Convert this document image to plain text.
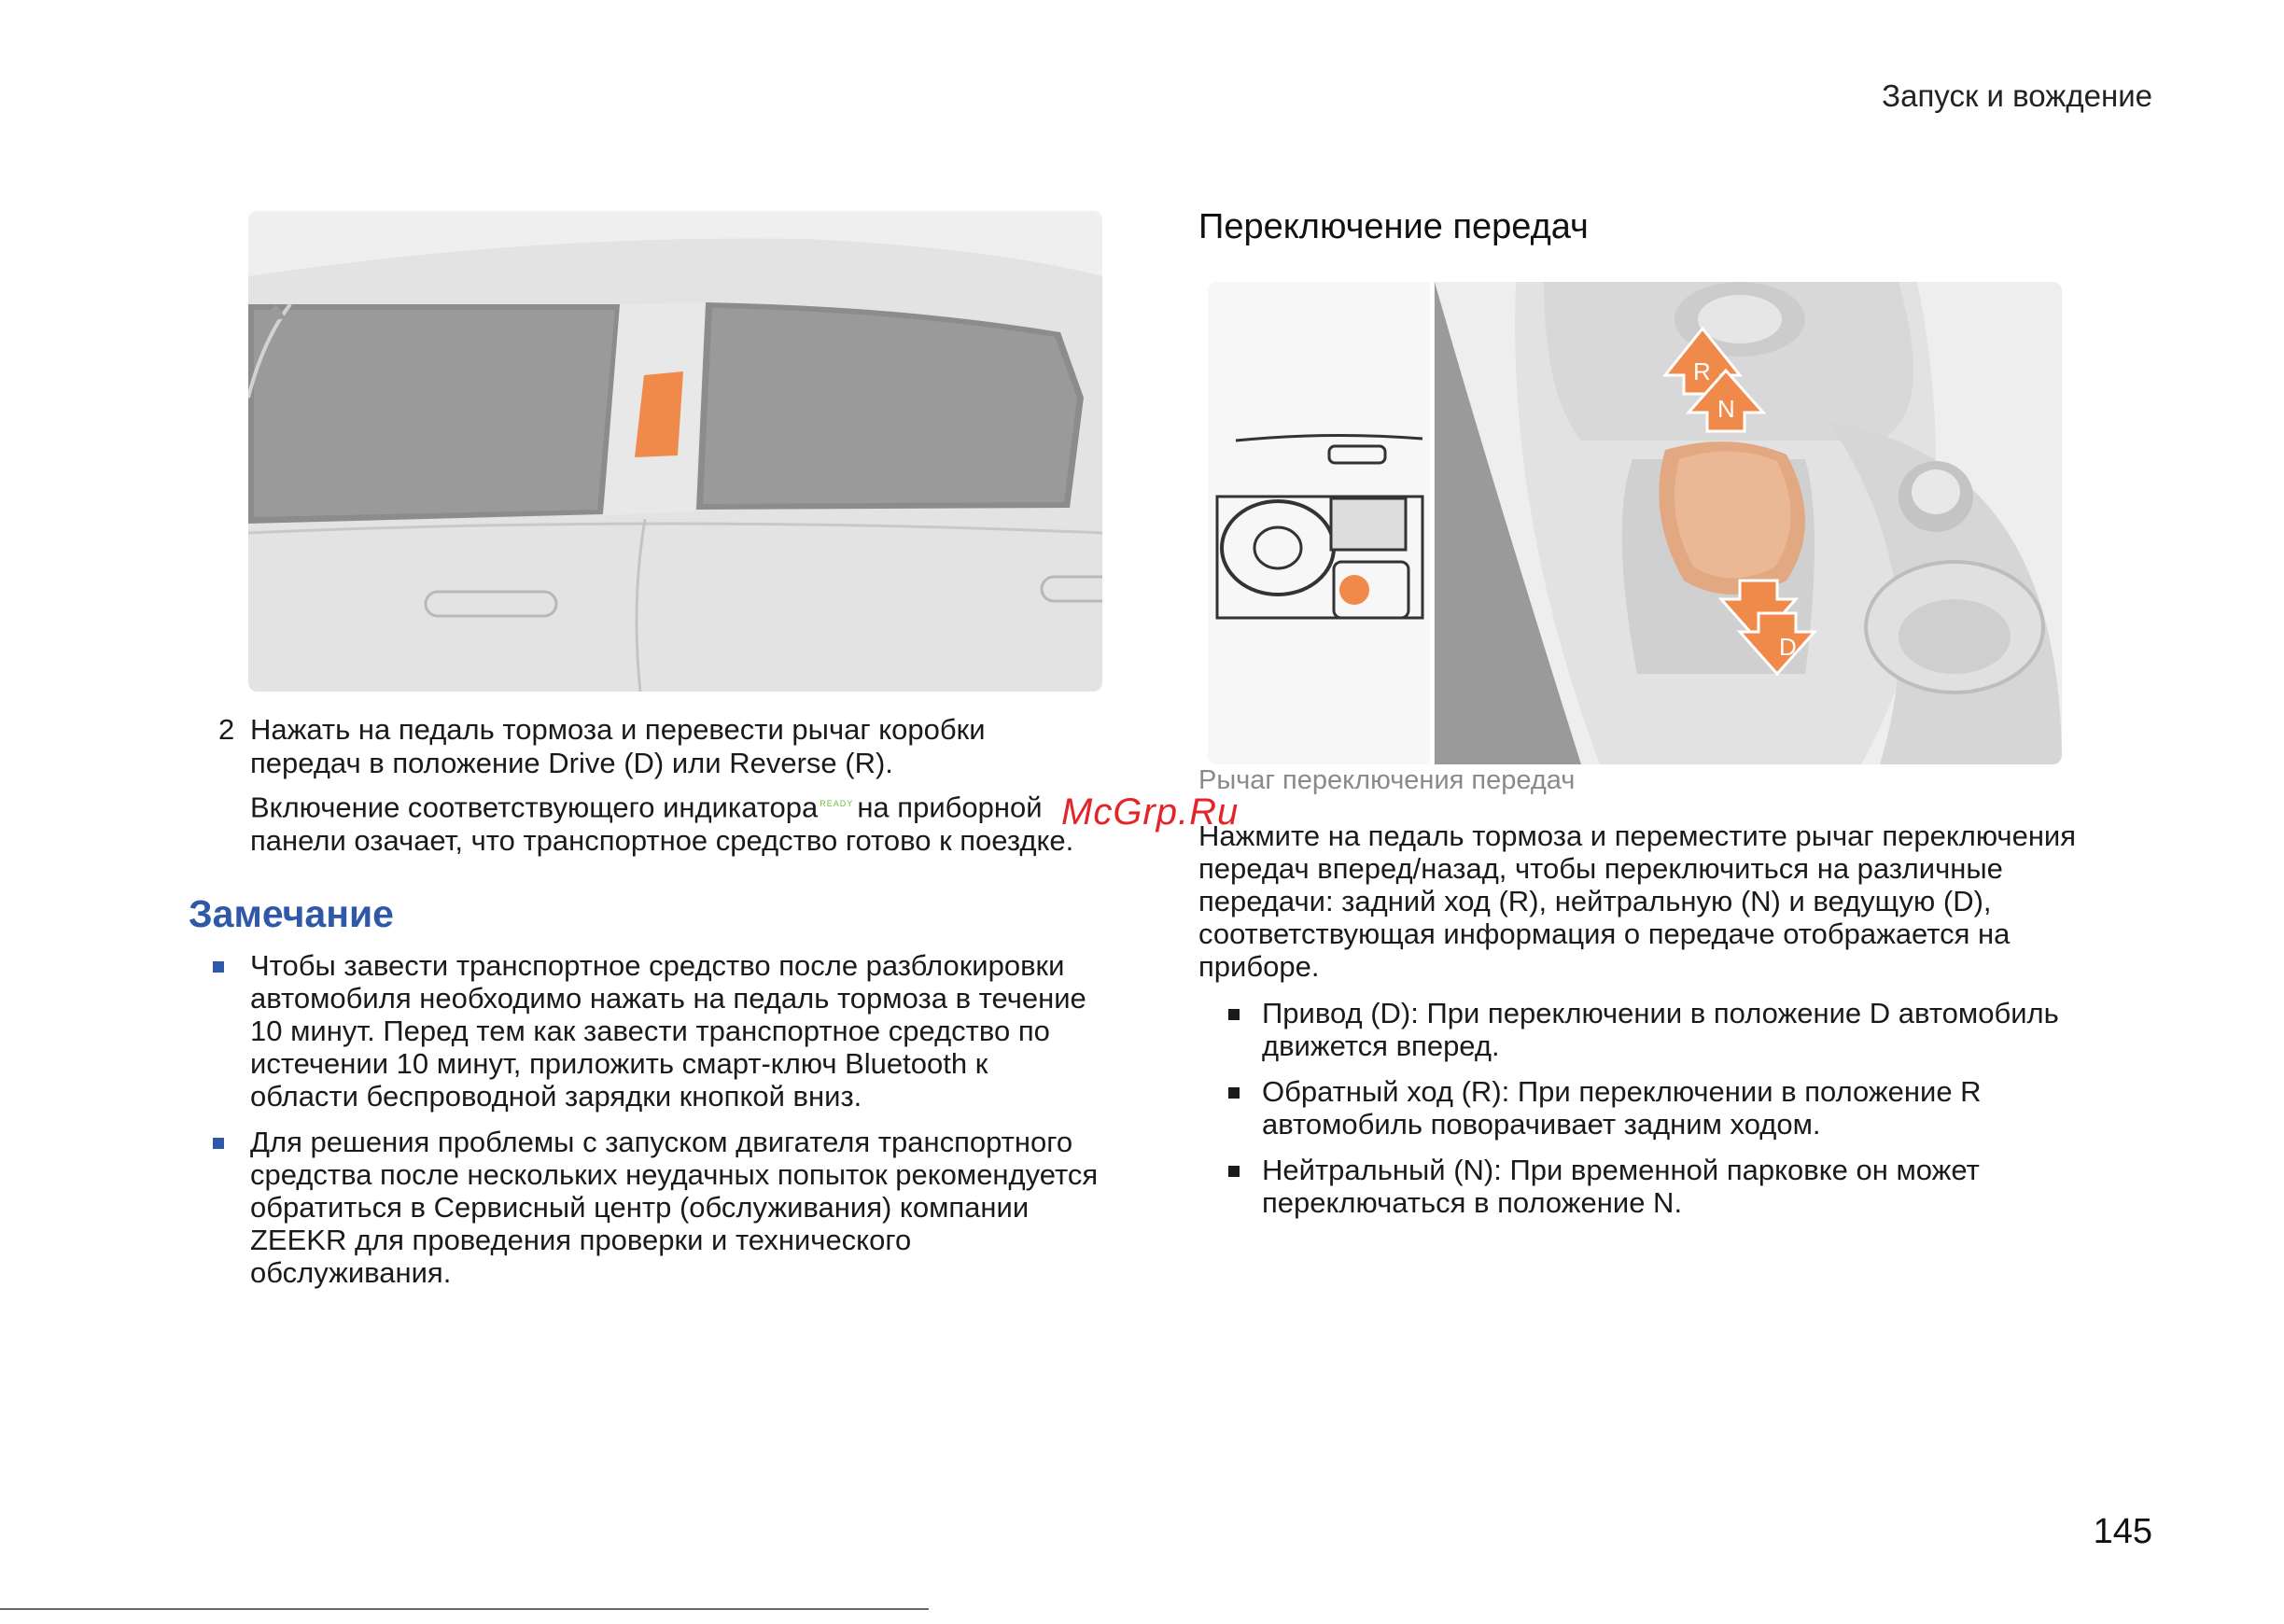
Запуск и вождение
2 Нажать на педаль тормоза и перевести рычаг коробки передач в положение Drive (D) или Reverse (R).

Включение соответствующего индикатора READY на приборной панели озачает, что транспортное средство готово к поездке.

Замечание
Чтобы завести транспортное средство после разблокировки автомобиля необходимо нажать на педаль тормоза в течение 10 минут. Перед тем как завести транспортное средство по истечении 10 минут, приложить смарт-ключ Bluetooth к области беспроводной зарядки кнопкой вниз.
Для решения проблемы с запуском двигателя транспортного средства после нескольких неудачных попыток рекомендуется обратиться в Сервисный центр (обслуживания) компании ZEEKR для проведения проверки и технического обслуживания.
Переключение передач
R
N
D
Рычаг переключения передач
Нажмите на педаль тормоза и переместите рычаг переключения передач вперед/назад, чтобы переключиться на различные передачи: задний ход (R), нейтральную (N) и ведущую (D), соответствующая информация о передаче отображается на приборе.
Привод (D): При переключении в положение D автомобиль движется вперед.
Обратный ход (R): При переключении в положение R автомобиль поворачивает задним ходом.
Нейтральный (N): При временной парковке он может переключаться в положение N.
McGrp.Ru
145
